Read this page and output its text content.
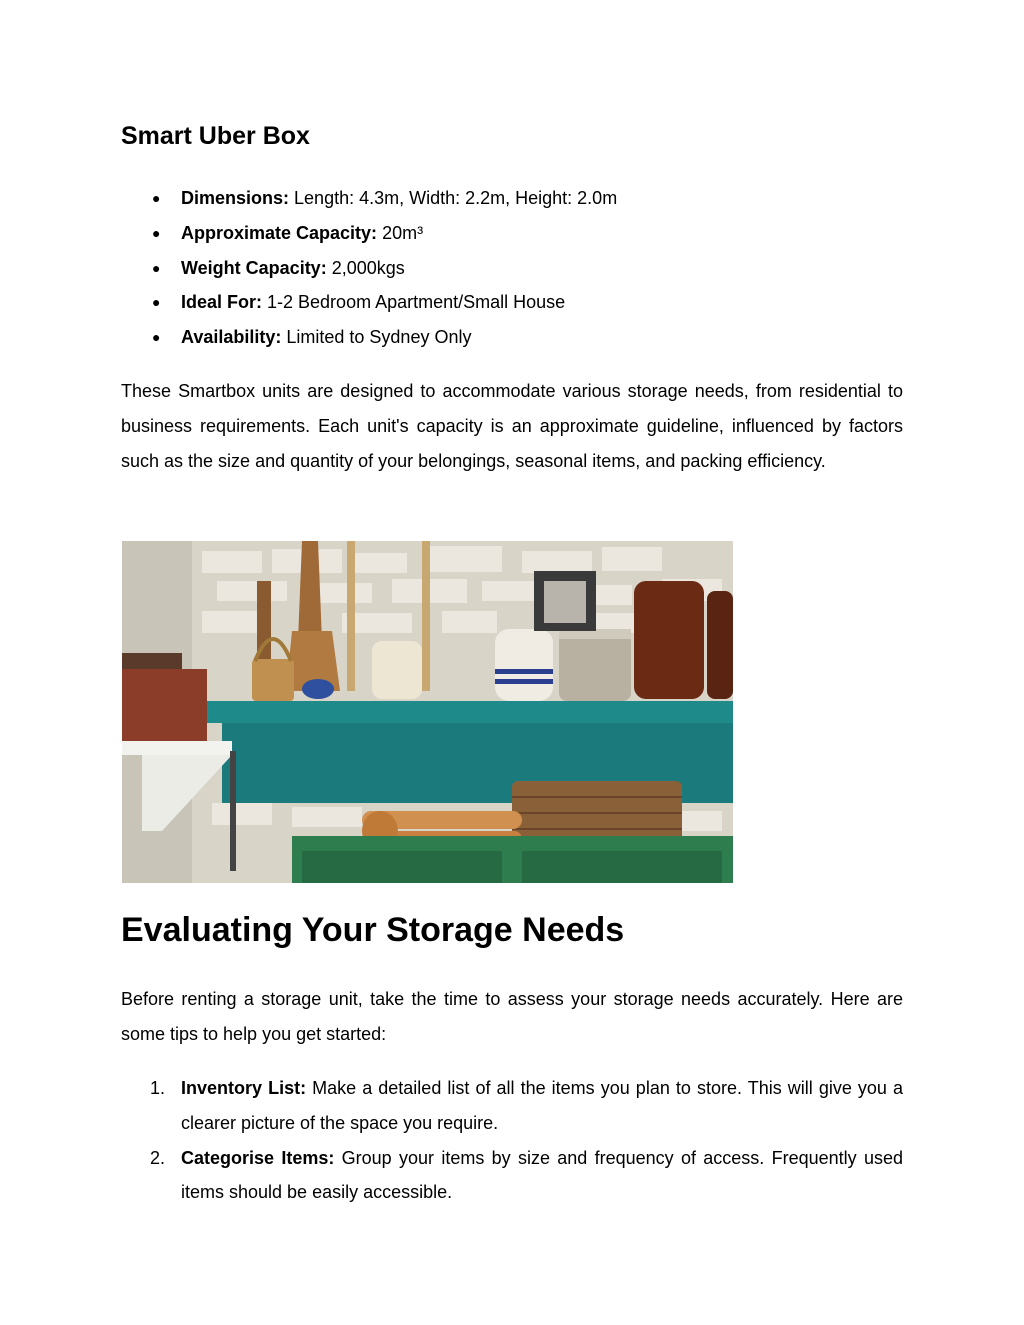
Smart Uber Box
● Dimensions: Length: 4.3m, Width: 2.2m, Height: 2.0m
● Approximate Capacity: 20m³
● Weight Capacity: 2,000kgs
● Ideal For: 1-2 Bedroom Apartment/Small House
● Availability: Limited to Sydney Only

These Smartbox units are designed to accommodate various storage needs, from residential to business requirements. Each unit's capacity is an approximate guideline, influenced by factors such as the size and quantity of your belongings, seasonal items, and packing efficiency.

Evaluating Your Storage Needs

Before renting a storage unit, take the time to assess your storage needs accurately. Here are some tips to help you get started:

1. Inventory List: Make a detailed list of all the items you plan to store. This will give you a clearer picture of the space you require.
2. Categorise Items: Group your items by size and frequency of access. Frequently used items should be easily accessible.
